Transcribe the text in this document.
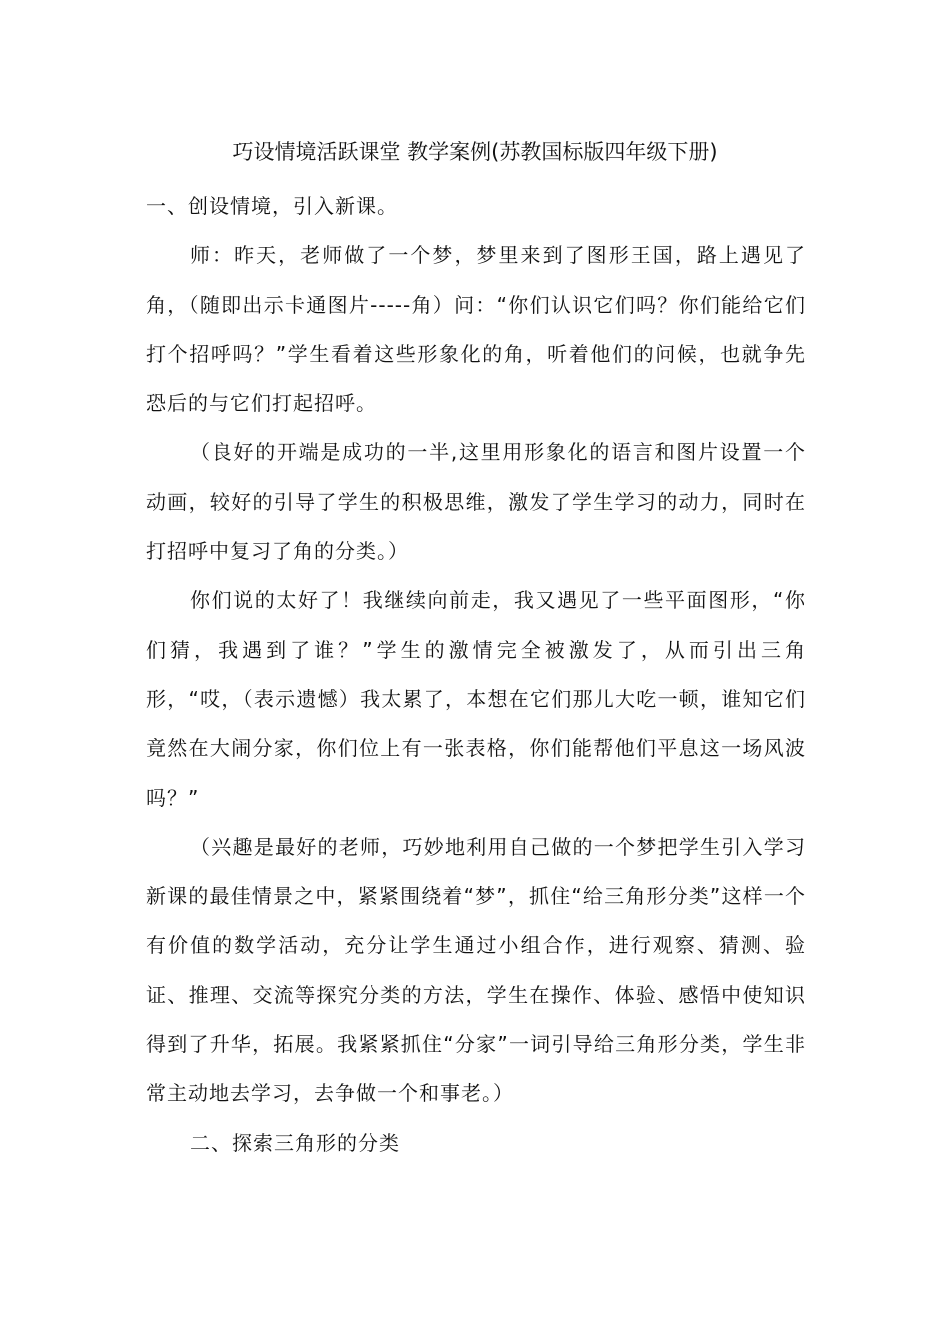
巧设情境活跃课堂 教学案例(苏教国标版四年级下册)

一、创设情境，引入新课。

师：昨天，老师做了一个梦，梦里来到了图形王国，路上遇见了角，（随即出示卡通图片-----角）问：“你们认识它们吗？你们能给它们打个招呼吗？”学生看着这些形象化的角，听着他们的问候，也就争先恐后的与它们打起招呼。

（良好的开端是成功的一半,这里用形象化的语言和图片设置一个动画，较好的引导了学生的积极思维，激发了学生学习的动力，同时在打招呼中复习了角的分类。）

你们说的太好了！我继续向前走，我又遇见了一些平面图形，“你们猜，我遇到了谁？”学生的激情完全被激发了，从而引出三角形，“哎，（表示遗憾）我太累了，本想在它们那儿大吃一顿，谁知它们竟然在大闹分家，你们位上有一张表格，你们能帮他们平息这一场风波吗？”

（兴趣是最好的老师，巧妙地利用自己做的一个梦把学生引入学习新课的最佳情景之中，紧紧围绕着“梦”，抓住“给三角形分类”这样一个有价值的数学活动，充分让学生通过小组合作，进行观察、猜测、验证、推理、交流等探究分类的方法，学生在操作、体验、感悟中使知识得到了升华，拓展。我紧紧抓住“分家”一词引导给三角形分类，学生非常主动地去学习，去争做一个和事老。）

二、探索三角形的分类
